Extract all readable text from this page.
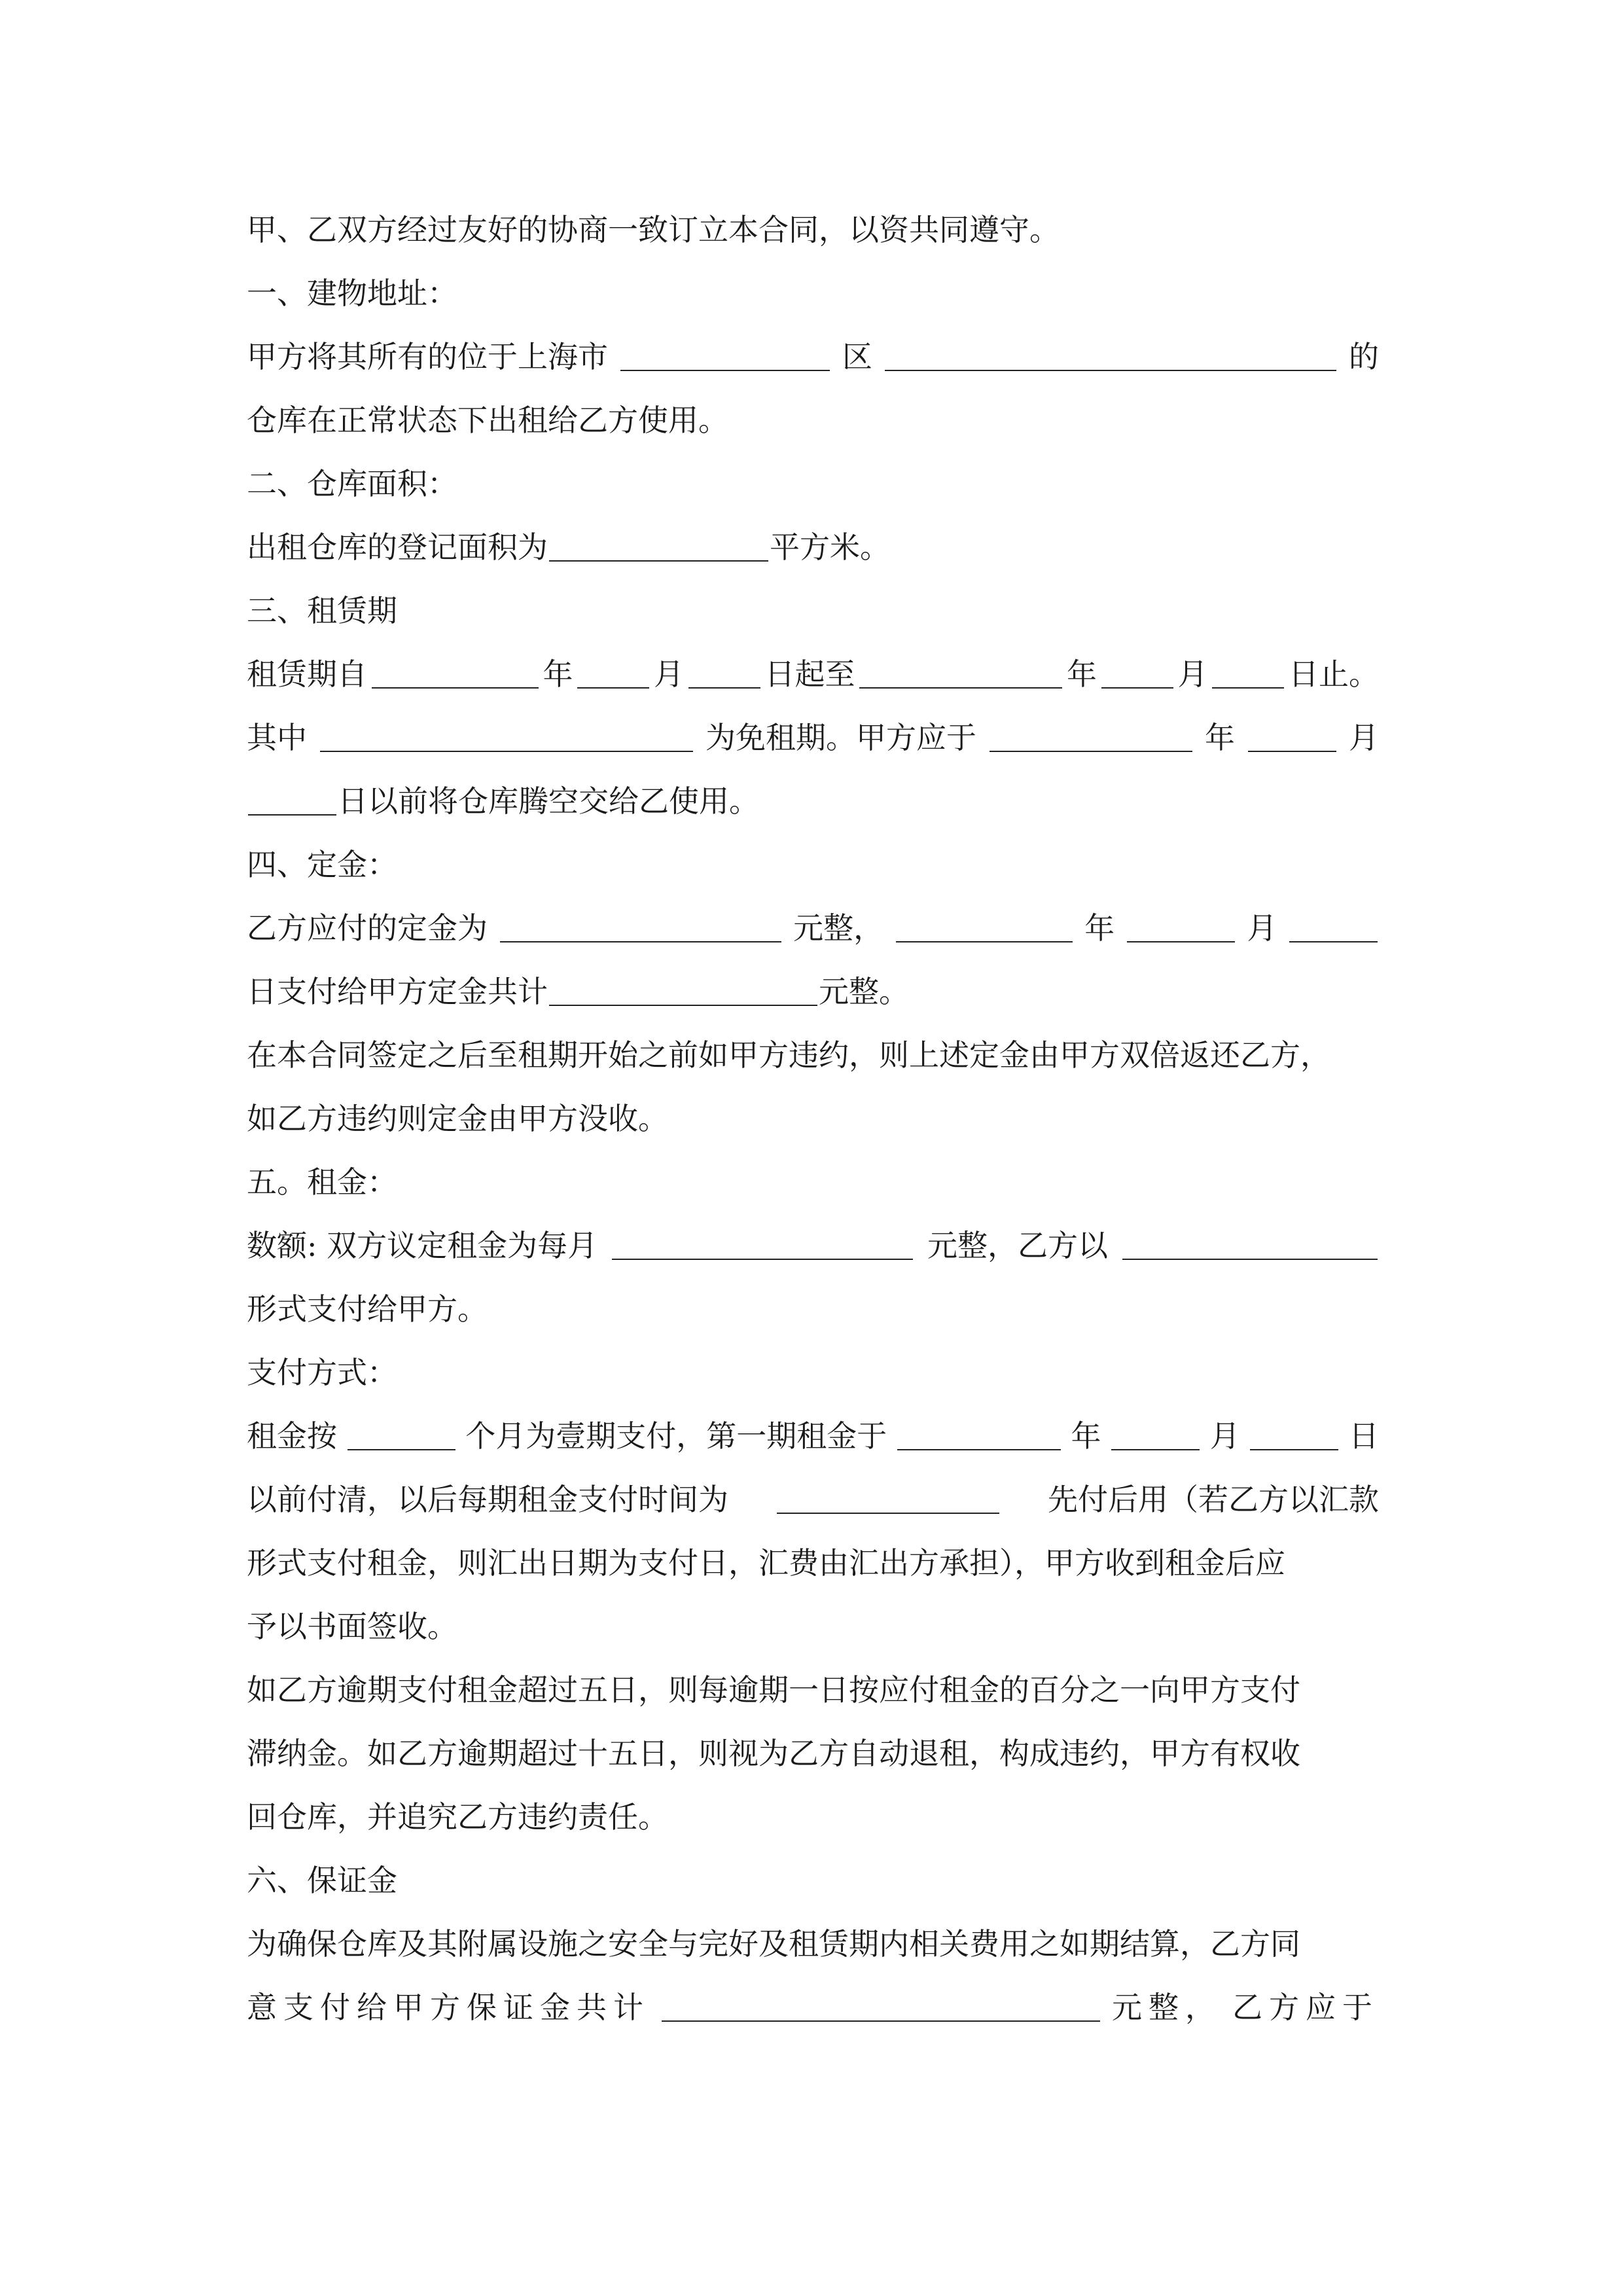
甲、乙双方经过友好的协商一致订立本合同，以资共同遵守。
一、建物地址：
甲方将其所有的位于上海市	区	的
仓库在正常状态下出租给乙方使用。
二、仓库面积：
出租仓库的登记面积为	平方米。
三、租赁期
租赁期自	年	月	日起至	年	月	日止。
其中	为免租期。甲方应于	年	月
日以前将仓库腾空交给乙使用。
四、定金：
乙方应付的定金为	元整，	年	月
日支付给甲方定金共计	元整。
在本合同签定之后至租期开始之前如甲方违约，则上述定金由甲方双倍返还乙方，
如乙方违约则定金由甲方没收。
五。租金：
数额: 双方议定租金为每月	元整，乙方以
形式支付给甲方。
支付方式：
租金按	个月为壹期支付，第一期租金于	年	月	日
以前付清，以后每期租金支付时间为	先付后用（若乙方以汇款
形式支付租金，则汇出日期为支付日，汇费由汇出方承担），甲方收到租金后应
予以书面签收。
如乙方逾期支付租金超过五日，则每逾期一日按应付租金的百分之一向甲方支付
滞纳金。如乙方逾期超过十五日，则视为乙方自动退租，构成违约，甲方有权收
回仓库，并追究乙方违约责任。
六、保证金
为确保仓库及其附属设施之安全与完好及租赁期内相关费用之如期结算，乙方同
意支付给甲方保证金共计	元整， 乙方应于
